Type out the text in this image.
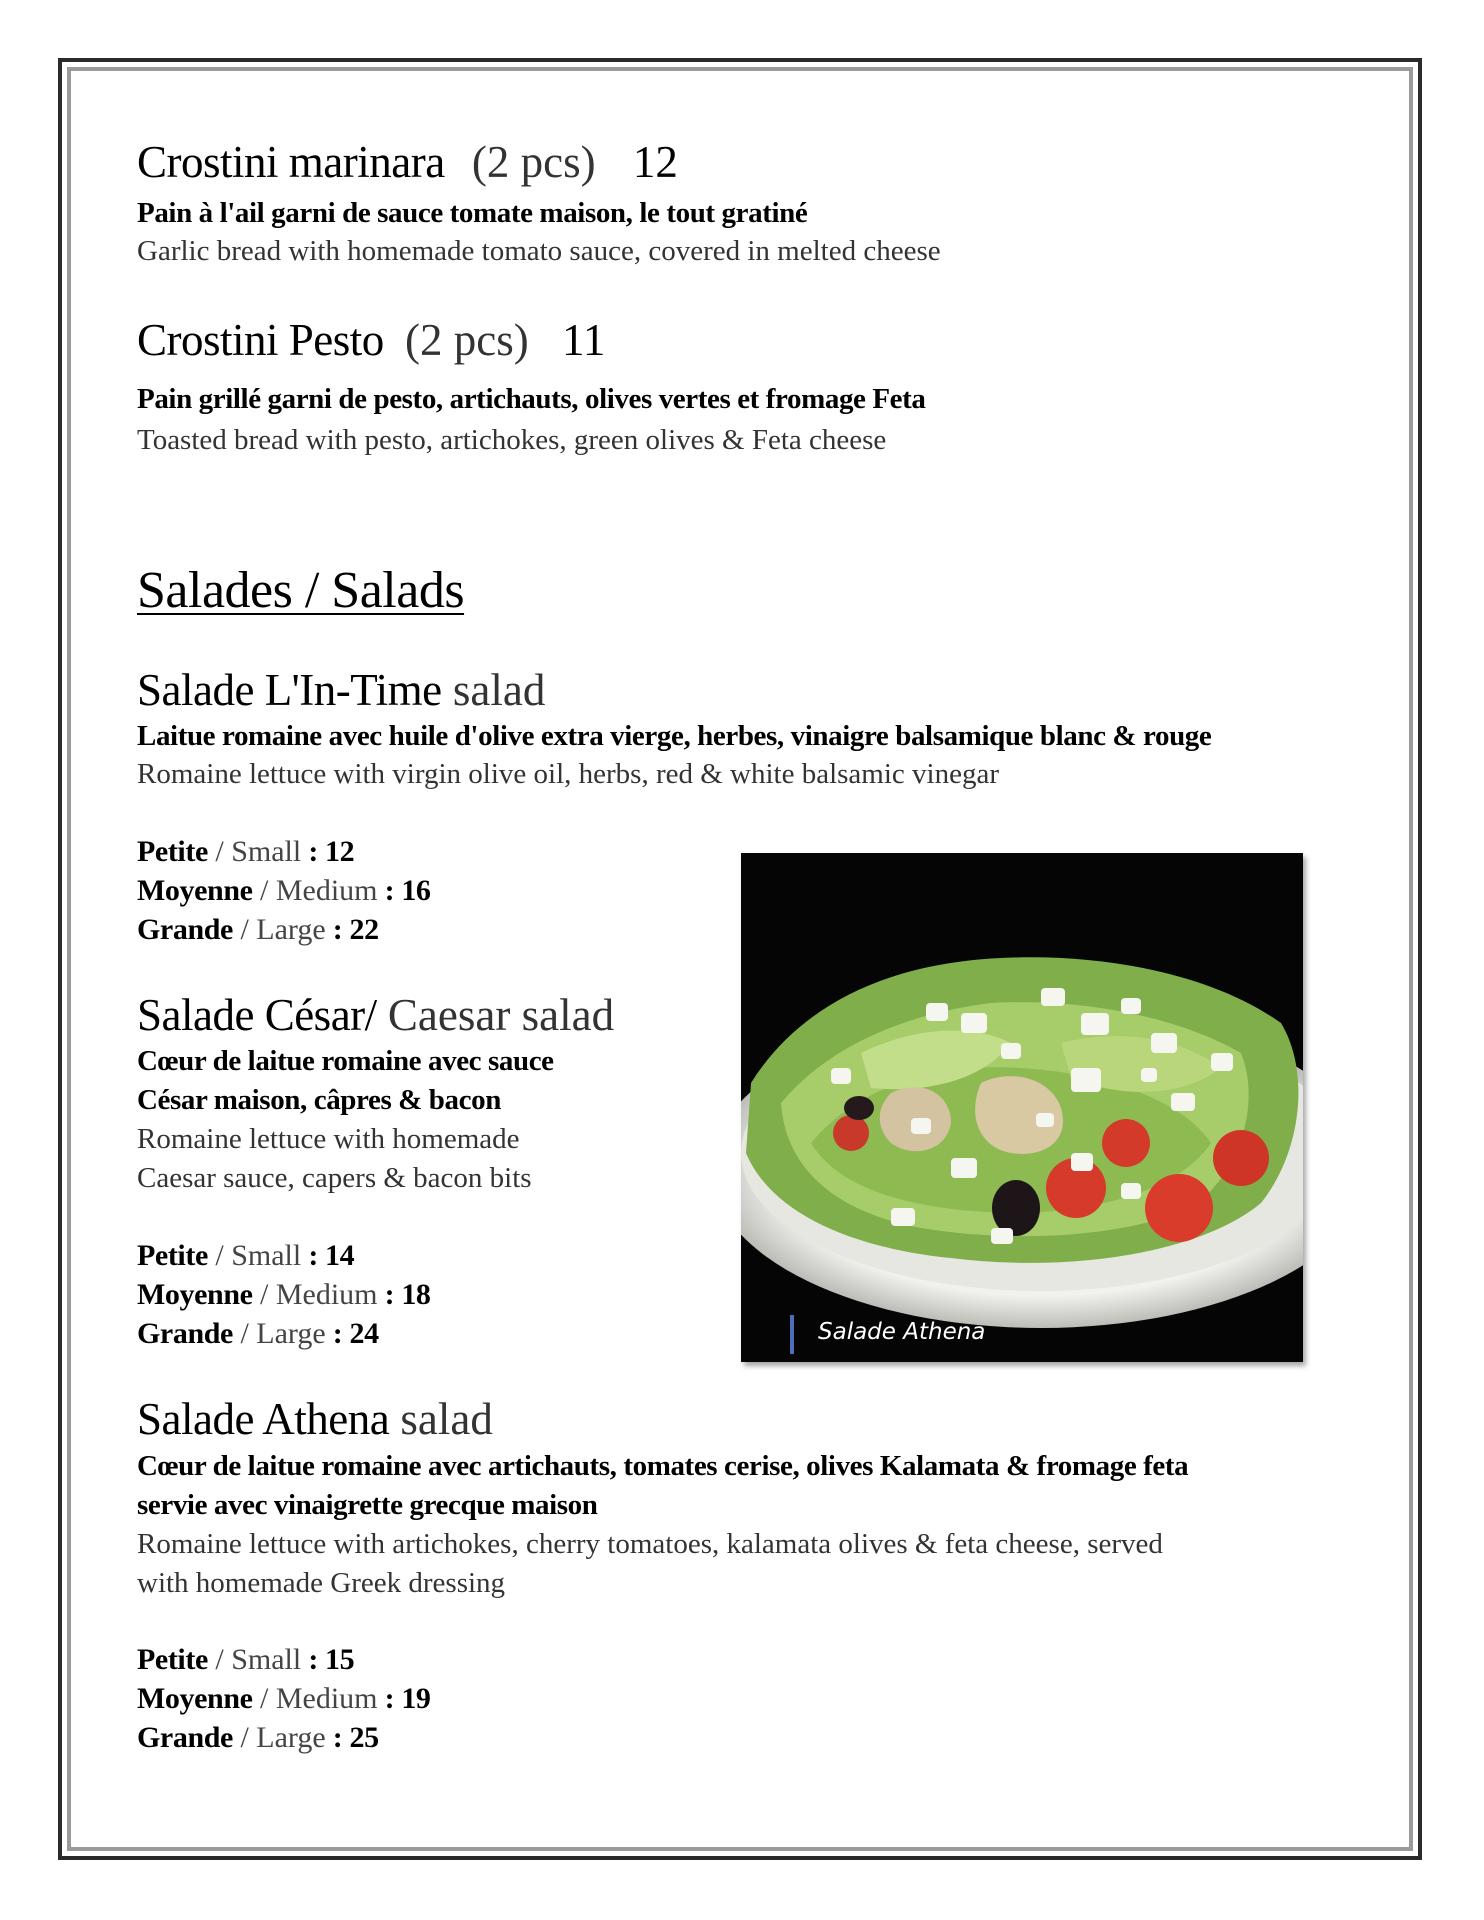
Crostini marinara (2 pcs) 12
Pain à l'ail garni de sauce tomate maison, le tout gratiné
Garlic bread with homemade tomato sauce, covered in melted cheese
Crostini Pesto (2 pcs) 11
Pain grillé garni de pesto, artichauts, olives vertes et fromage Feta
Toasted bread with pesto, artichokes, green olives & Feta cheese
Salades / Salads
Salade L'In-Time salad
Laitue romaine avec huile d'olive extra vierge, herbes, vinaigre balsamique blanc & rouge
Romaine lettuce with virgin olive oil, herbs, red & white balsamic vinegar
Petite / Small : 12
Moyenne / Medium : 16
Grande / Large : 22
Salade César/ Caesar salad
Cœur de laitue romaine avec sauce
César maison, câpres & bacon
Romaine lettuce with homemade
Caesar sauce, capers & bacon bits
Petite / Small : 14
Moyenne / Medium : 18
Grande / Large : 24
Salade Athena salad
Cœur de laitue romaine avec artichauts, tomates cerise, olives Kalamata & fromage feta
servie avec vinaigrette grecque maison
Romaine lettuce with artichokes, cherry tomatoes, kalamata olives & feta cheese, served
with homemade Greek dressing
Petite / Small : 15
Moyenne / Medium : 19
Grande / Large : 25
Salade Athena
